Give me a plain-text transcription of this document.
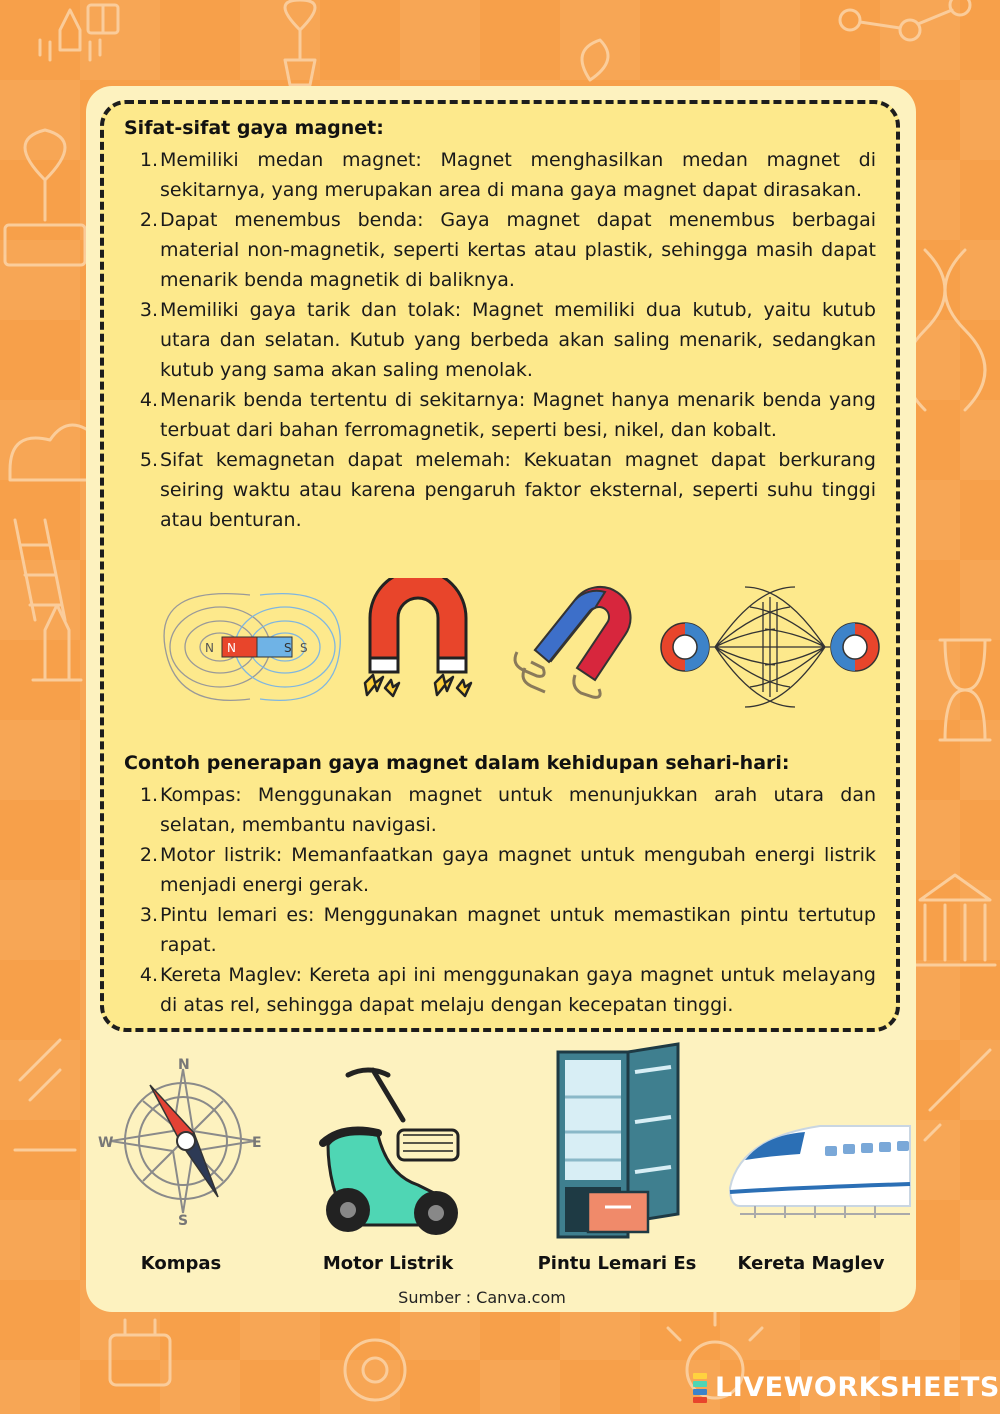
Sifat-sifat gaya magnet:
1. Memiliki medan magnet: Magnet menghasilkan medan magnet di sekitarnya, yang merupakan area di mana gaya magnet dapat dirasakan.
2. Dapat menembus benda: Gaya magnet dapat menembus berbagai material non-magnetik, seperti kertas atau plastik, sehingga masih dapat menarik benda magnetik di baliknya.
3. Memiliki gaya tarik dan tolak: Magnet memiliki dua kutub, yaitu kutub utara dan selatan. Kutub yang berbeda akan saling menarik, sedangkan kutub yang sama akan saling menolak.
4. Menarik benda tertentu di sekitarnya: Magnet hanya menarik benda yang terbuat dari bahan ferromagnetik, seperti besi, nikel, dan kobalt.
5. Sifat kemagnetan dapat melemah: Kekuatan magnet dapat berkurang seiring waktu atau karena pengaruh faktor eksternal, seperti suhu tinggi atau benturan.
N N	S S
Contoh penerapan gaya magnet dalam kehidupan sehari-hari:
1. Kompas: Menggunakan magnet untuk menunjukkan arah utara dan selatan, membantu navigasi.
2. Motor listrik: Memanfaatkan gaya magnet untuk mengubah energi listrik menjadi energi gerak.
3. Pintu lemari es: Menggunakan magnet untuk memastikan pintu tertutup rapat.
4. Kereta Maglev: Kereta api ini menggunakan gaya magnet untuk melayang di atas rel, sehingga dapat melaju dengan kecepatan tinggi.
N
E
S
W
Kompas	Motor Listrik	Pintu Lemari Es	Kereta Maglev
Sumber : Canva.com
LIVEWORKSHEETS
